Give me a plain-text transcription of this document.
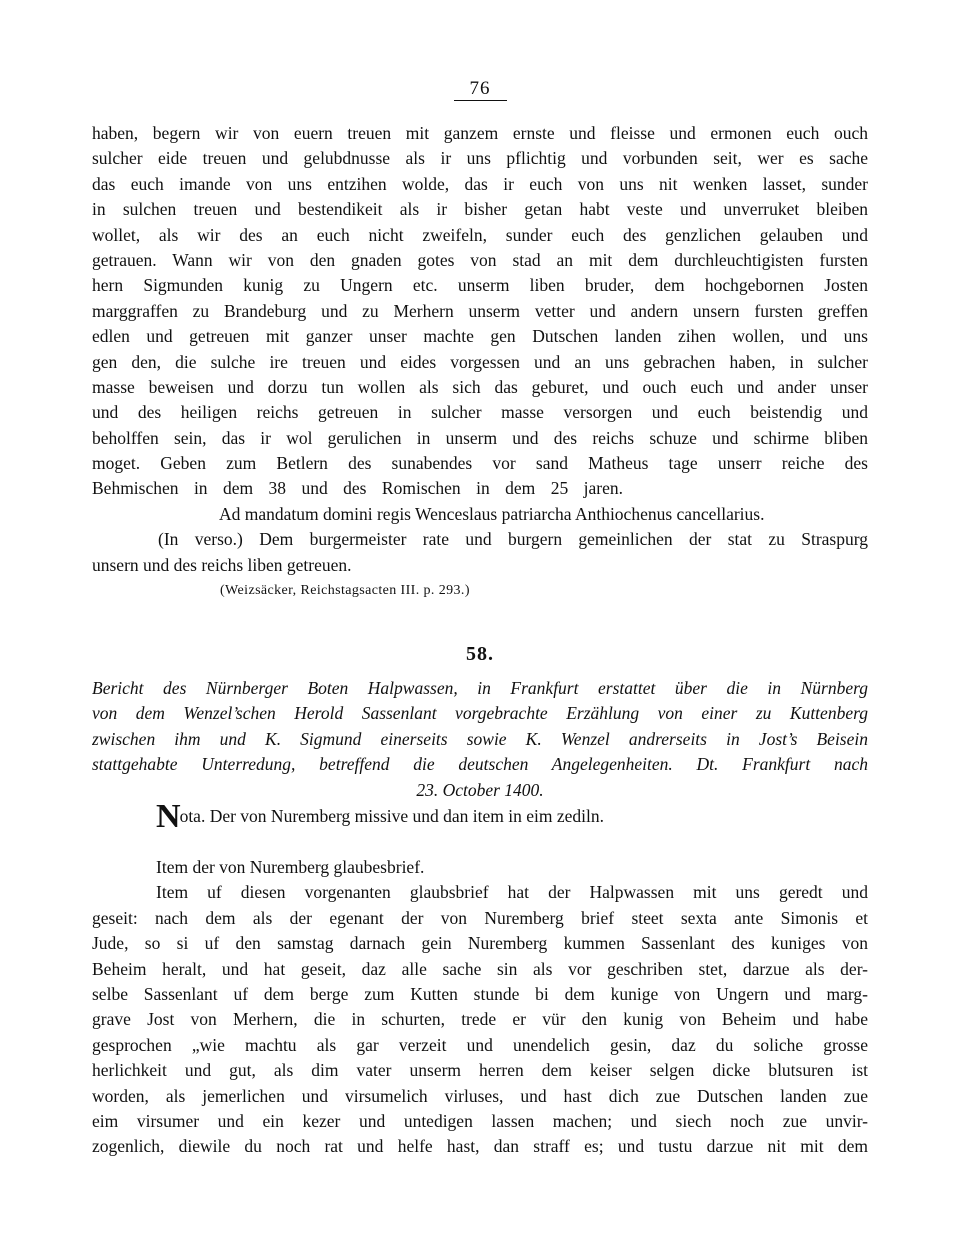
76
haben, begern wir von euern treuen mit ganzem ernste und fleisse und ermonen euch ouch
sulcher eide treuen und gelubdnusse als ir uns pflichtig und vorbunden seit, wer es sache
das euch imande von uns entzihen wolde, das ir euch von uns nit wenken lasset, sunder
in sulchen treuen und bestendikeit als ir bisher getan habt veste und unverruket bleiben
wollet, als wir des an euch nicht zweifeln, sunder euch des genzlichen gelauben und
getrauen. Wann wir von den gnaden gotes von stad an mit dem durchleuchtigisten fursten
hern Sigmunden kunig zu Ungern etc. unserm liben bruder, dem hochgebornen Josten
marggraffen zu Brandeburg und zu Merhern unserm vetter und andern unsern fursten greffen
edlen und getreuen mit ganzer unser machte gen Dutschen landen zihen wollen, und uns
gen den, die sulche ire treuen und eides vorgessen und an uns gebrachen haben, in sulcher
masse beweisen und dorzu tun wollen als sich das geburet, und ouch euch und ander unser
und des heiligen reichs getreuen in sulcher masse versorgen und euch beistendig und
beholffen sein, das ir wol gerulichen in unserm und des reichs schuze und schirme bliben
moget. Geben zum Betlern des sunabendes vor sand Matheus tage unserr reiche des
Behmischen in dem 38 und des Romischen in dem 25 jaren.
Ad mandatum domini regis Wenceslaus patriarcha Anthiochenus cancellarius.
(In verso.) Dem burgermeister rate und burgern gemeinlichen der stat zu Straspurg
unsern und des reichs liben getreuen.
(Weizsäcker, Reichstagsacten III. p. 293.)
58.
Bericht des Nürnberger Boten Halpwassen, in Frankfurt erstattet über die in Nürnberg
von dem Wenzel’schen Herold Sassenlant vorgebrachte Erzählung von einer zu Kuttenberg
zwischen ihm und K. Sigmund einerseits sowie K. Wenzel andrerseits in Jost’s Beisein
stattgehabte Unterredung, betreffend die deutschen Angelegenheiten. Dt. Frankfurt nach
23. October 1400.
Nota. Der von Nuremberg missive und dan item in eim zediln.
Item der von Nuremberg glaubesbrief.
Item uf diesen vorgenanten glaubsbrief hat der Halpwassen mit uns geredt und
geseit: nach dem als der egenant der von Nuremberg brief steet sexta ante Simonis et
Jude, so si uf den samstag darnach gein Nuremberg kummen Sassenlant des kuniges von
Beheim heralt, und hat geseit, daz alle sache sin als vor geschriben stet, darzue als der-
selbe Sassenlant uf dem berge zum Kutten stunde bi dem kunige von Ungern und marg-
grave Jost von Merhern, die in schurten, trede er vür den kunig von Beheim und habe
gesprochen „wie machtu als gar verzeit und unendelich gesin, daz du soliche grosse
herlichkeit und gut, als dim vater unserm herren dem keiser selgen dicke blutsuren ist
worden, als jemerlichen und virsumelich virluses, und hast dich zue Dutschen landen zue
eim virsumer und ein kezer und untedigen lassen machen; und siech noch zue unvir-
zogenlich, diewile du noch rat und helfe hast, dan straff es; und tustu darzue nit mit dem
